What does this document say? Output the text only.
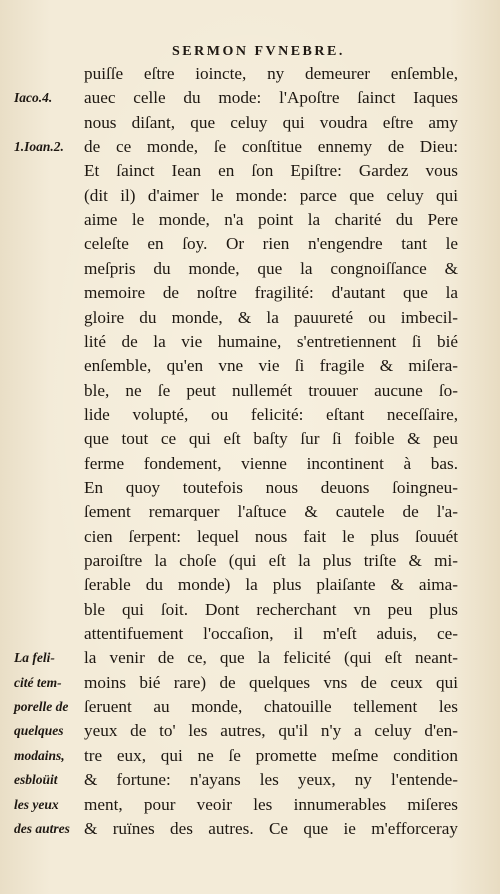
SERMON FVNEBRE.
puiſſe eſtre ioincte, ny demeurer enſemble,
auec celle du mode: l'Apoſtre ſainct Iaques
nous diſant, que celuy qui voudra eſtre amy
de ce monde, ſe conſtitue ennemy de Dieu:
Et ſainct Iean en ſon Epiſtre: Gardez vous
(dit il) d'aimer le monde: parce que celuy qui
aime le monde, n'a point la charité du Pere
celeſte en ſoy. Or rien n'engendre tant le
meſpris du monde, que la congnoiſſance &
memoire de noſtre fragilité: d'autant que la
gloire du monde, & la pauureté ou imbecil-
lité de la vie humaine, s'entretiennent ſi bié
enſemble, qu'en vne vie ſi fragile & miſera-
ble, ne ſe peut nullemét trouuer aucune ſo-
lide volupté, ou felicité: eſtant neceſſaire,
que tout ce qui eſt baſty ſur ſi foible & peu
ferme fondement, vienne incontinent à bas.
En quoy toutefois nous deuons ſoingneu-
ſement remarquer l'aſtuce & cautele de l'a-
cien ſerpent: lequel nous fait le plus ſouuét
paroiſtre la choſe (qui eſt la plus triſte & mi-
ſerable du monde) la plus plaiſante & aima-
ble qui ſoit. Dont recherchant vn peu plus
attentifuement l'occaſion, il m'eſt aduis, ce-
la venir de ce, que la felicité (qui eſt neant-
moins bié rare) de quelques vns de ceux qui
ſeruent au monde, chatouille tellement les
yeux de to' les autres, qu'il n'y a celuy d'en-
tre eux, qui ne ſe promette meſme condition
& fortune: n'ayans les yeux, ny l'entende-
ment, pour veoir les innumerables miſeres
& ruïnes des autres. Ce que ie m'efforceray
Iaco.4.
1.Ioan.2.
La feli-
cité tem-
porelle de
quelques
modains,
esbloüit
les yeux
des autres
